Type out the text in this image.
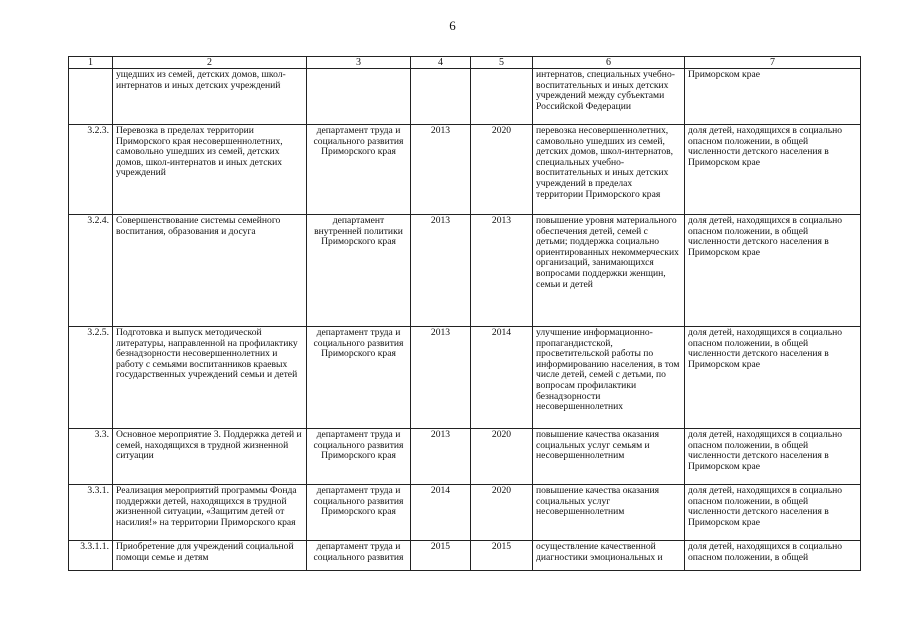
6
1	2	3	4	5	6	7
	ущедших из семей, детских домов, школ-интернатов и иных детских учреждений				интернатов, специальных учебно-воспитательных и иных детских учреждений между субъектами Российской Федерации	Приморском крае
3.2.3.	Перевозка в пределах территории Приморского края несовершеннолетних, самовольно ушедших из семей, детских домов, школ-интернатов и иных детских учреждений	департамент труда и социального развития Приморского края	2013	2020	перевозка несовершеннолетних, самовольно ушедших из семей, детских домов, школ-интернатов, специальных учебно-воспитательных и иных детских учреждений в пределах территории Приморского края	доля детей, находящихся в социально опасном положении, в общей численности детского населения в Приморском крае
3.2.4.	Совершенствование системы семейного воспитания, образования и досуга	департамент внутренней политики Приморского края	2013	2013	повышение уровня материального обеспечения детей, семей с детьми; поддержка социально ориентированных некоммерческих организаций, занимающихся вопросами поддержки женщин, семьи и детей	доля детей, находящихся в социально опасном положении, в общей численности детского населения в Приморском крае
3.2.5.	Подготовка и выпуск методической литературы, направленной на профилактику безнадзорности несовершеннолетних и работу с семьями воспитанников краевых государственных учреждений семьи и детей	департамент труда и социального развития Приморского края	2013	2014	улучшение информационно-пропагандистской, просветительской работы по информированию населения, в том числе детей, семей с детьми, по вопросам профилактики безнадзорности несовершеннолетних	доля детей, находящихся в социально опасном положении, в общей численности детского населения в Приморском крае
3.3.	Основное мероприятие 3. Поддержка детей и семей, находящихся в трудной жизненной ситуации	департамент труда и социального развития Приморского края	2013	2020	повышение качества оказания социальных услуг семьям и несовершеннолетним	доля детей, находящихся в социально опасном положении, в общей численности детского населения в Приморском крае
3.3.1.	Реализация мероприятий программы Фонда поддержки детей, находящихся в трудной жизненной ситуации, «Защитим детей от насилия!» на территории Приморского края	департамент труда и социального развития Приморского края	2014	2020	повышение качества оказания социальных услуг несовершеннолетним	доля детей, находящихся в социально опасном положении, в общей численности детского населения в Приморском крае
3.3.1.1.	Приобретение для учреждений социальной помощи семье и детям	департамент труда и социального развития	2015	2015	осуществление качественной диагностики эмоциональных и	доля детей, находящихся в социально опасном положении, в общей
